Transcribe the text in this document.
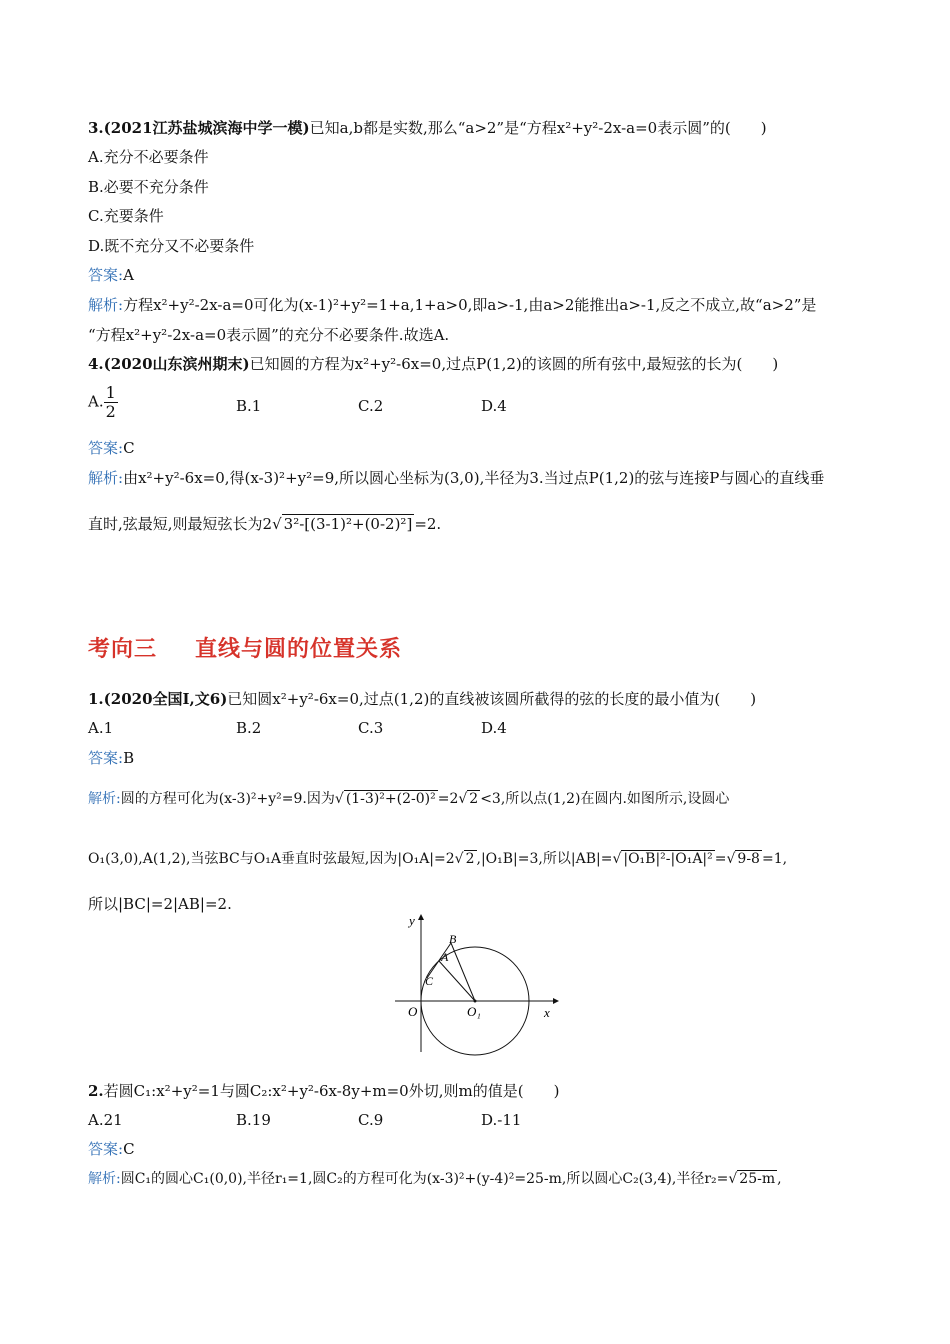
3.(2021江苏盐城滨海中学一模)已知a,b都是实数,那么“a>2”是“方程x²+y²-2x-a=0表示圆”的(　　)
A.充分不必要条件
B.必要不充分条件
C.充要条件
D.既不充分又不必要条件
答案:A
解析:方程x²+y²-2x-a=0可化为(x-1)²+y²=1+a,1+a>0,即a>-1,由a>2能推出a>-1,反之不成立,故“a>2”是
“方程x²+y²-2x-a=0表示圆”的充分不必要条件.故选A.
4.(2020山东滨州期末)已知圆的方程为x²+y²-6x=0,过点P(1,2)的该圆的所有弦中,最短弦的长为(　　)
A. $\frac{1}{2}$	B.1	C.2	D.4
答案:C
解析:由x²+y²-6x=0,得(x-3)²+y²=9,所以圆心坐标为(3,0),半径为3.当过点P(1,2)的弦与连接P与圆心的直线垂
直时,弦最短,则最短弦长为2√ 3²-[(3-1)²+(0-2)²] =2.
考向三 直线与圆的位置关系
1.(2020全国Ⅰ,文6)已知圆x²+y²-6x=0,过点(1,2)的直线被该圆所截得的弦的长度的最小值为(　　)
A.1	B.2	C.3	D.4
答案:B
解析:圆的方程可化为(x-3)²+y²=9.因为√ (1-3)²+(2-0)² =2√ 2 <3,所以点(1,2)在圆内.如图所示,设圆心
O₁(3,0),A(1,2),当弦BC与O₁A垂直时弦最短,因为|O₁A|=2√ 2 ,|O₁B|=3,所以|AB|=√ |O₁B|²-|O₁A|² =√ 9-8 =1,
所以|BC|=2|AB|=2.
y
x
O	O₁
A
B
C
2.若圆C₁:x²+y²=1与圆C₂:x²+y²-6x-8y+m=0外切,则m的值是(　　)
A.21	B.19	C.9	D.-11
答案:C
解析:圆C₁的圆心C₁(0,0),半径r₁=1,圆C₂的方程可化为(x-3)²+(y-4)²=25-m,所以圆心C₂(3,4),半径r₂=√ 25-m ,
